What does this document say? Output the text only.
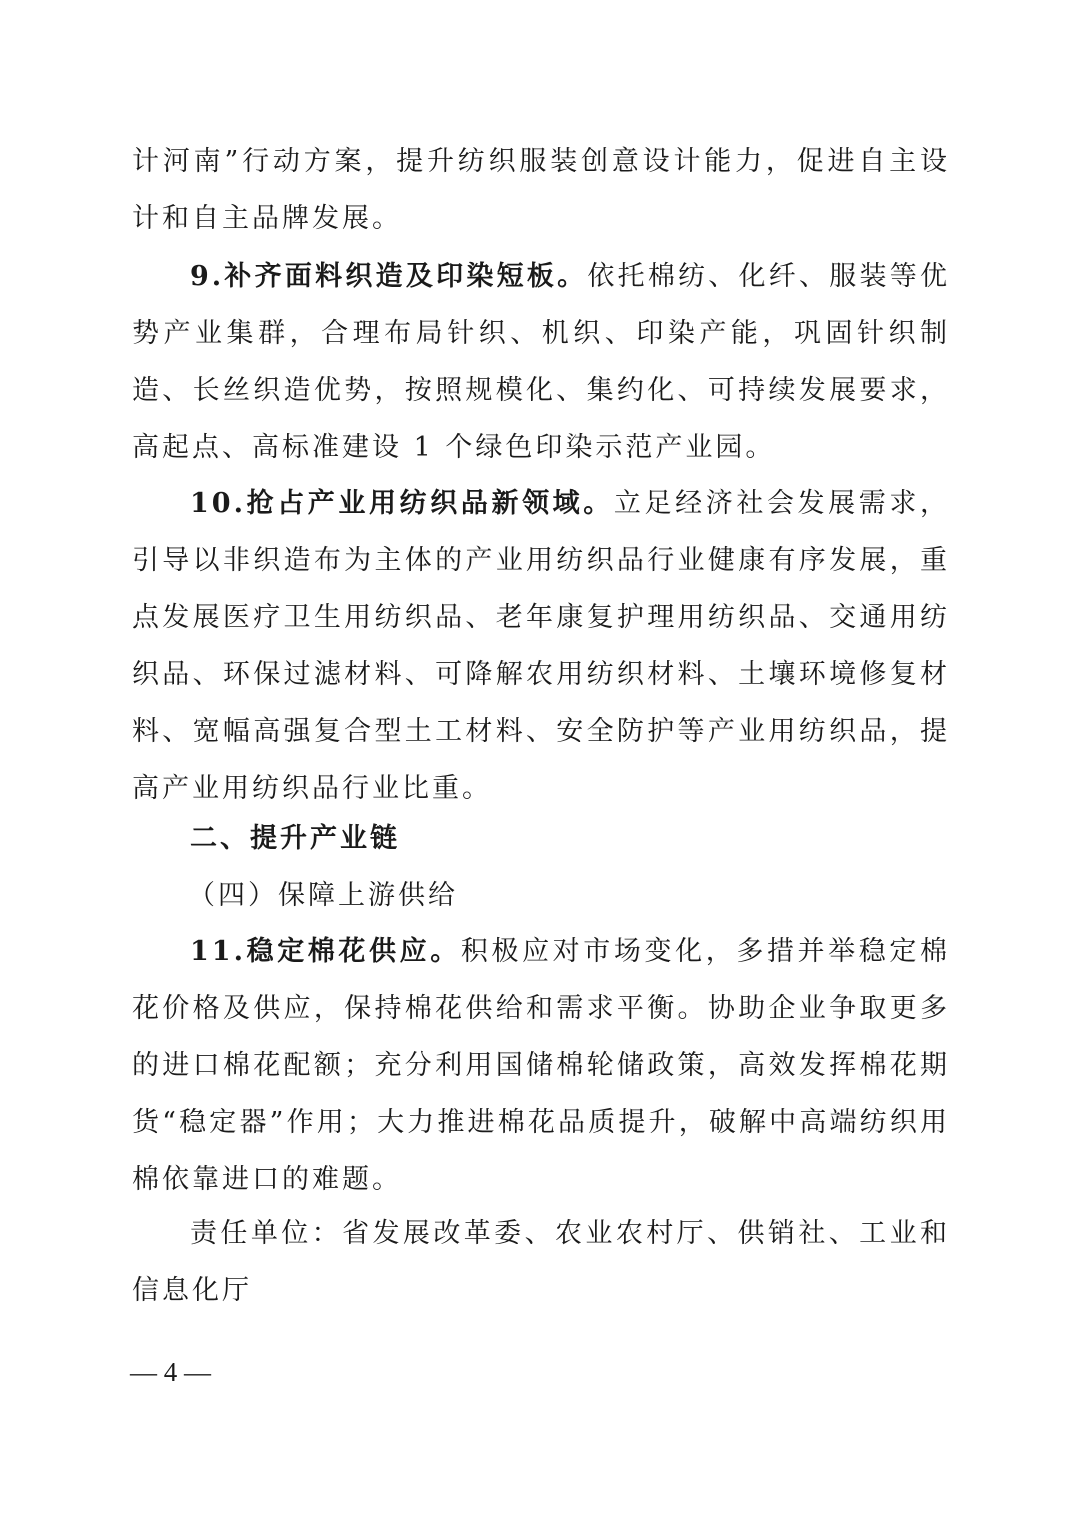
计河南”行动方案，提升纺织服装创意设计能力，促进自主设计和自主品牌发展。

9.补齐面料织造及印染短板。依托棉纺、化纤、服装等优势产业集群，合理布局针织、机织、印染产能，巩固针织制造、长丝织造优势，按照规模化、集约化、可持续发展要求，高起点、高标准建设 1 个绿色印染示范产业园。

10.抢占产业用纺织品新领域。立足经济社会发展需求，引导以非织造布为主体的产业用纺织品行业健康有序发展，重点发展医疗卫生用纺织品、老年康复护理用纺织品、交通用纺织品、环保过滤材料、可降解农用纺织材料、土壤环境修复材料、宽幅高强复合型土工材料、安全防护等产业用纺织品，提高产业用纺织品行业比重。

二、提升产业链
（四）保障上游供给

11.稳定棉花供应。积极应对市场变化，多措并举稳定棉花价格及供应，保持棉花供给和需求平衡。协助企业争取更多的进口棉花配额；充分利用国储棉轮储政策，高效发挥棉花期货“稳定器”作用；大力推进棉花品质提升，破解中高端纺织用棉依靠进口的难题。

责任单位：省发展改革委、农业农村厅、供销社、工业和信息化厅

— 4 —
